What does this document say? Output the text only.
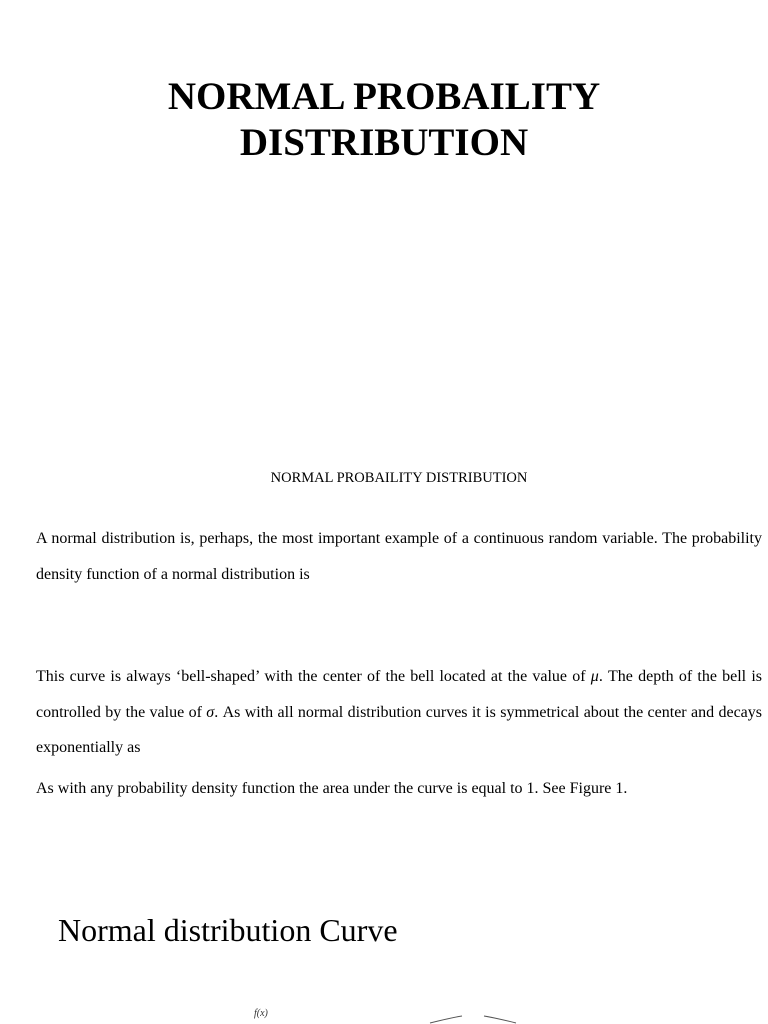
NORMAL PROBAILITY
DISTRIBUTION

NORMAL PROBAILITY DISTRIBUTION

A normal distribution is, perhaps, the most important example of a continuous random variable. The probability density function of a normal distribution is

This curve is always ‘bell-shaped’ with the center of the bell located at the value of μ. The depth of the bell is controlled by the value of σ. As with all normal distribution curves it is symmetrical about the center and decays exponentially as

As with any probability density function the area under the curve is equal to 1. See Figure 1.

Normal distribution Curve
f(x)
